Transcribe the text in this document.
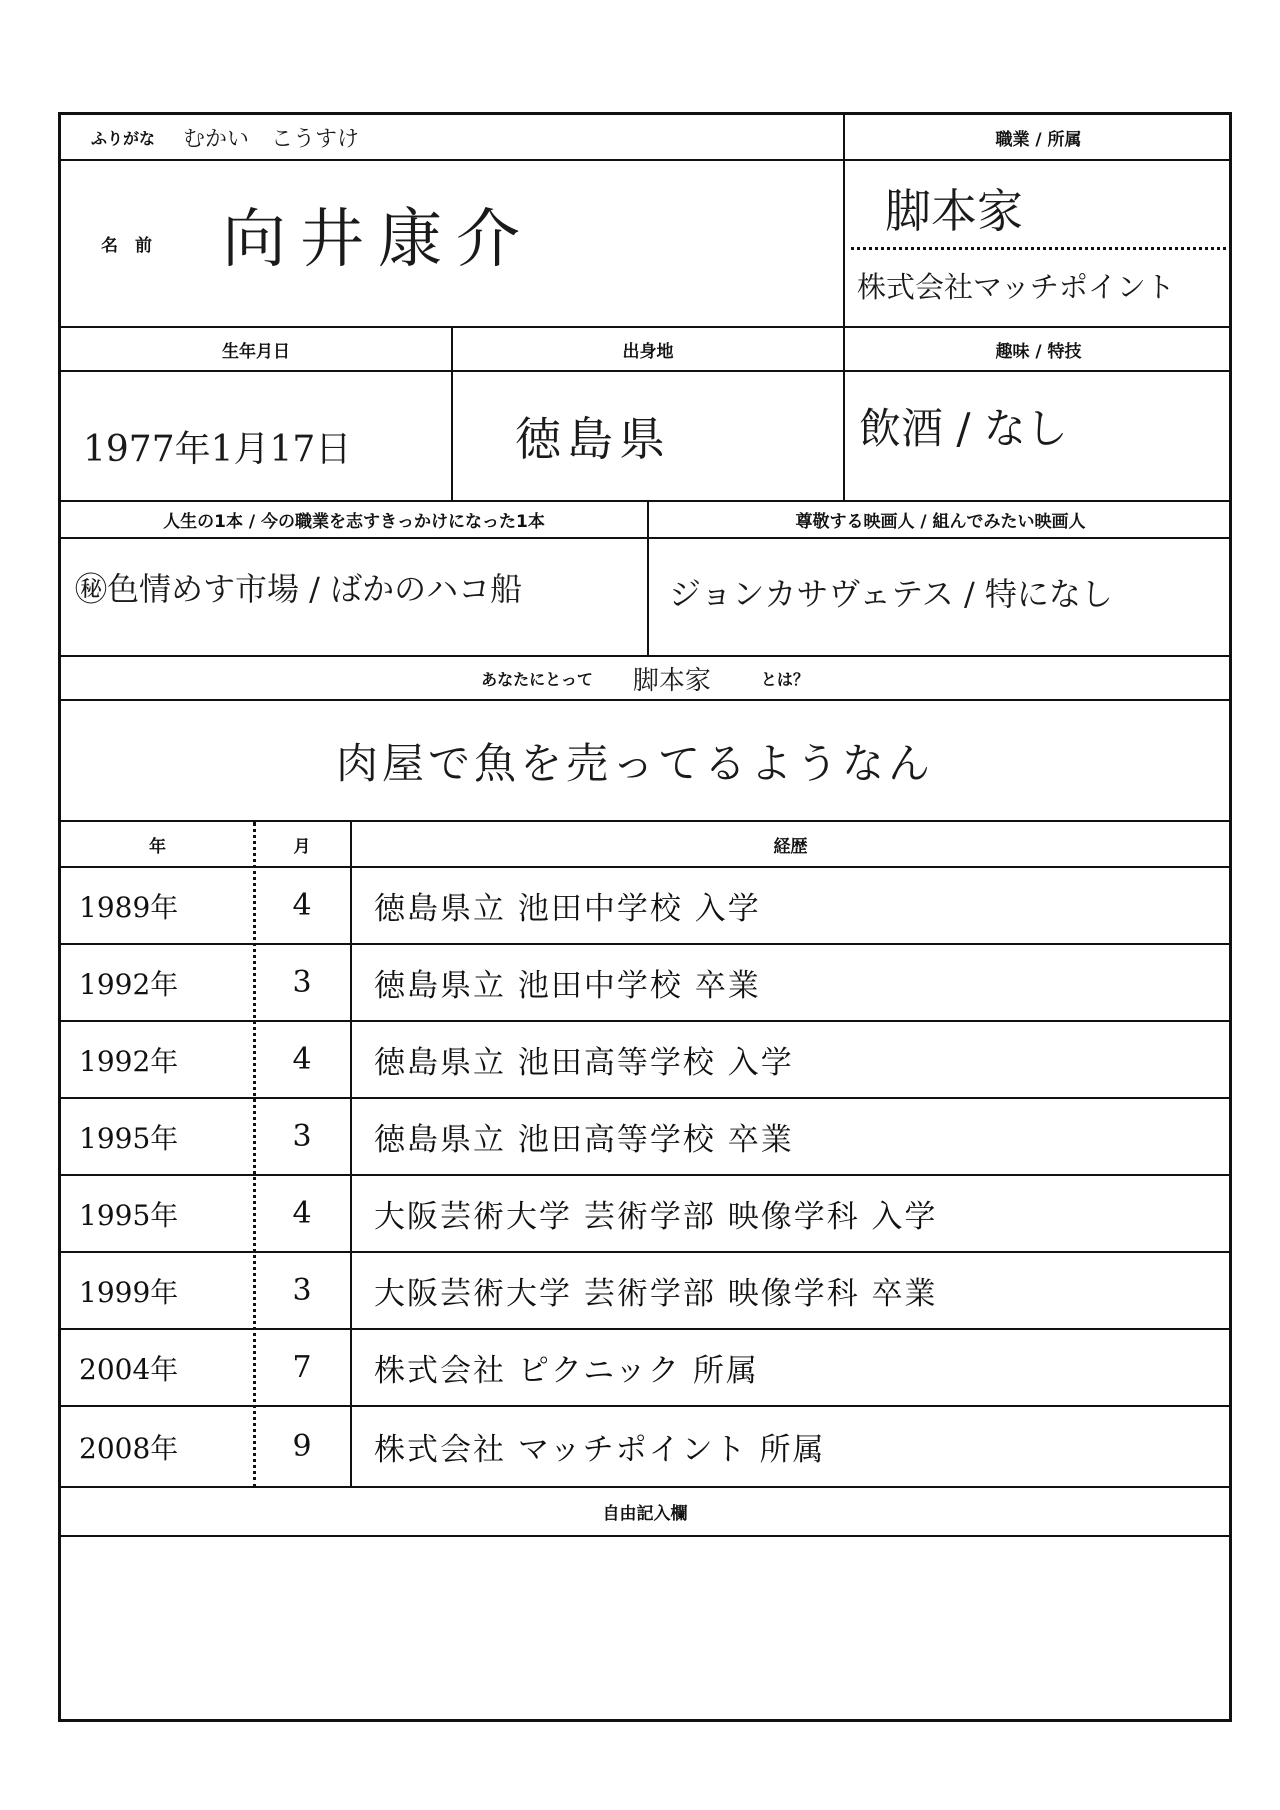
ふりがな むかい　こうすけ	職業 / 所属
名　前 向井康介	脚本家
株式会社マッチポイント
生年月日	出身地	趣味 / 特技
1977年1月17日	徳島県	飲酒 / なし
人生の1本 / 今の職業を志すきっかけになった1本	尊敬する映画人 / 組んでみたい映画人
㊙色情めす市場 / ばかのハコ船	ジョンカサヴェテス / 特になし
あなたにとって 脚本家	とは？
肉屋で魚を売ってるようなん
年	月	経歴
1989年	4	徳島県立 池田中学校 入学
1992年	3	徳島県立 池田中学校 卒業
1992年	4	徳島県立 池田高等学校 入学
1995年	3	徳島県立 池田高等学校 卒業
1995年	4	大阪芸術大学 芸術学部 映像学科 入学
1999年	3	大阪芸術大学 芸術学部 映像学科 卒業
2004年	7	株式会社 ピクニック 所属
2008年	9	株式会社 マッチポイント 所属
自由記入欄
